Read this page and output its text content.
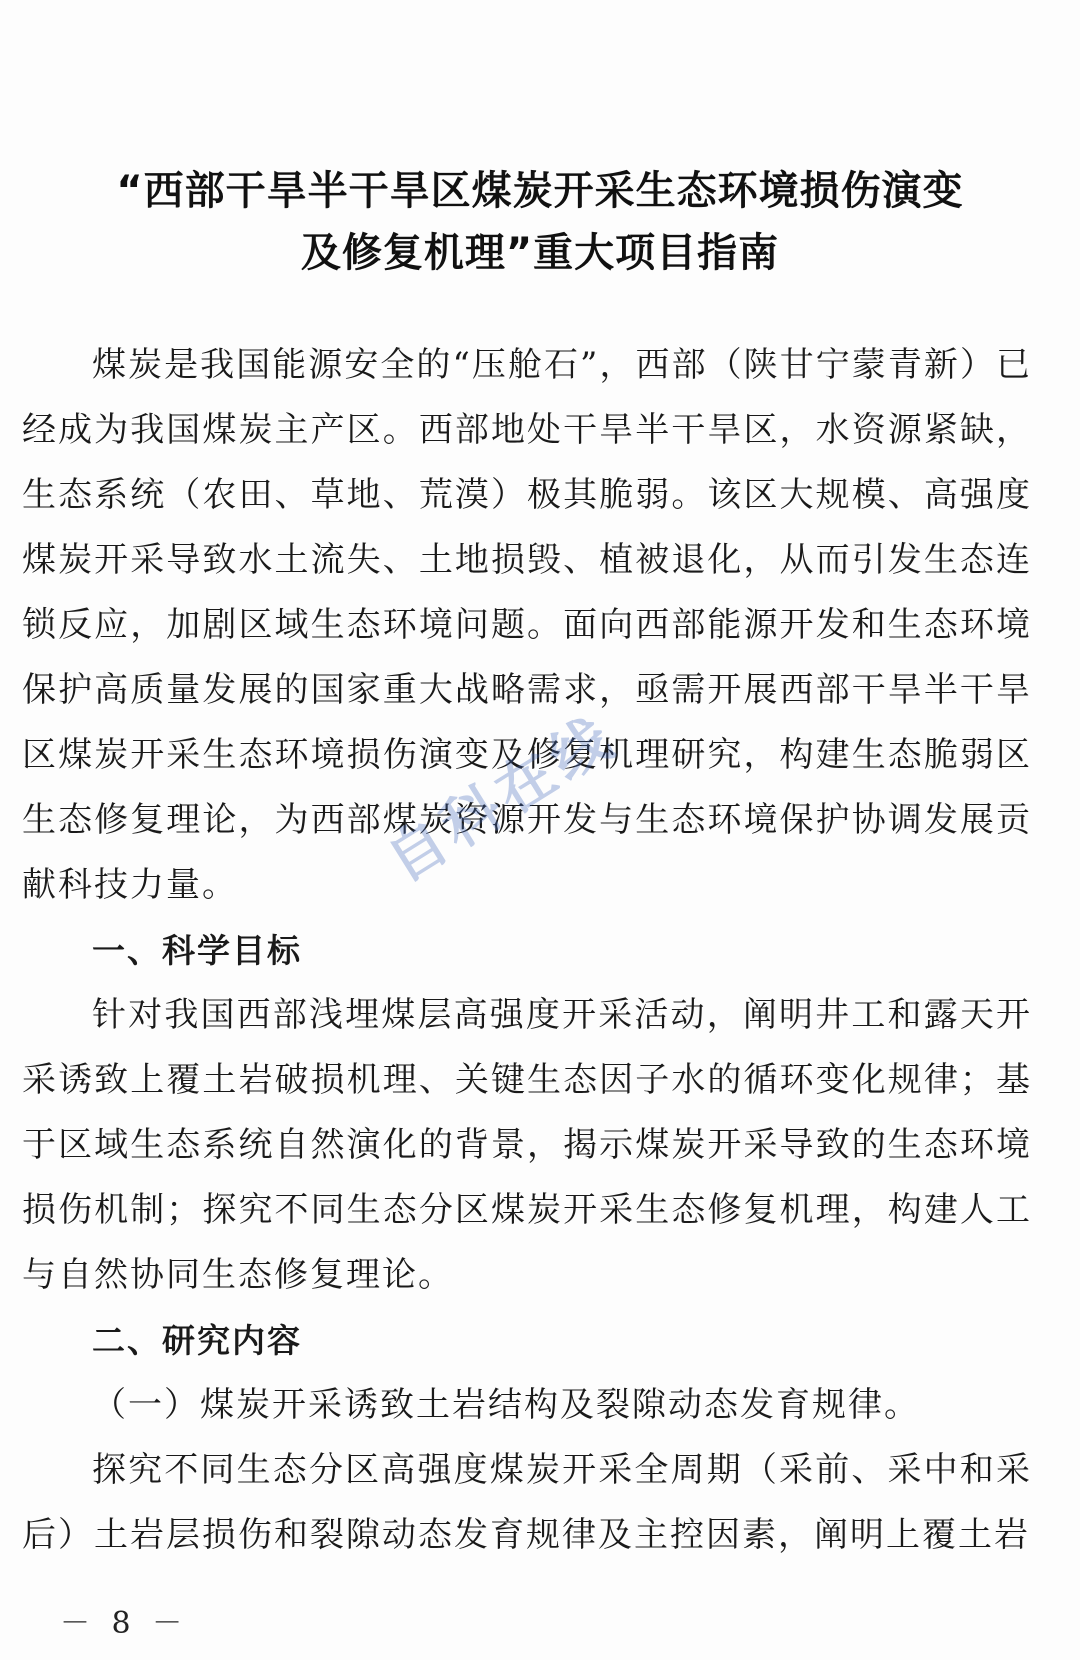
“西部干旱半干旱区煤炭开采生态环境损伤演变
及修复机理”重大项目指南

煤炭是我国能源安全的“压舱石”，西部（陕甘宁蒙青新）已经成为我国煤炭主产区。西部地处干旱半干旱区，水资源紧缺，生态系统（农田、草地、荒漠）极其脆弱。该区大规模、高强度煤炭开采导致水土流失、土地损毁、植被退化，从而引发生态连锁反应，加剧区域生态环境问题。面向西部能源开发和生态环境保护高质量发展的国家重大战略需求，亟需开展西部干旱半干旱区煤炭开采生态环境损伤演变及修复机理研究，构建生态脆弱区生态修复理论，为西部煤炭资源开发与生态环境保护协调发展贡献科技力量。

一、科学目标

针对我国西部浅埋煤层高强度开采活动，阐明井工和露天开采诱致上覆土岩破损机理、关键生态因子水的循环变化规律；基于区域生态系统自然演化的背景，揭示煤炭开采导致的生态环境损伤机制；探究不同生态分区煤炭开采生态修复机理，构建人工与自然协同生态修复理论。

二、研究内容

（一）煤炭开采诱致土岩结构及裂隙动态发育规律。

探究不同生态分区高强度煤炭开采全周期（采前、采中和采后）土岩层损伤和裂隙动态发育规律及主控因素，阐明上覆土岩

自科在线
－ 8 －
